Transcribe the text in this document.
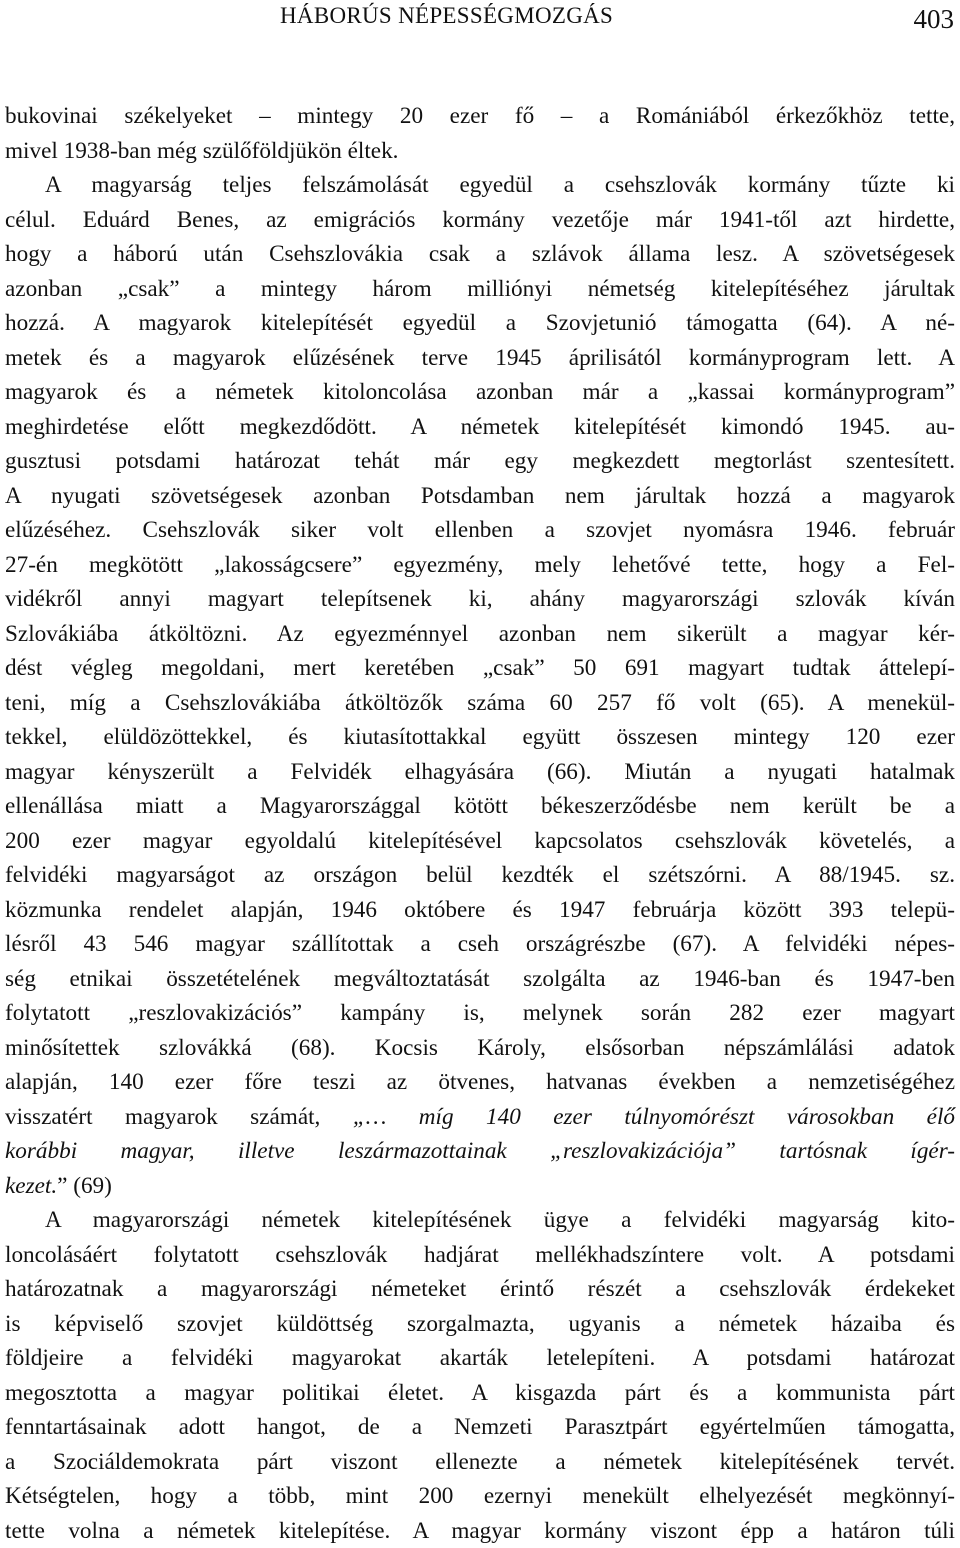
HÁBORÚS NÉPESSÉGMOZGÁS	403
bukovinai székelyeket – mintegy 20 ezer fő – a Romániából érkezőkhöz tette,
mivel 1938-ban még szülőföldjükön éltek.
A magyarság teljes felszámolását egyedül a csehszlovák kormány tűzte ki
célul. Eduárd Benes, az emigrációs kormány vezetője már 1941-től azt hirdette,
hogy a háború után Csehszlovákia csak a szlávok állama lesz. A szövetségesek
azonban „csak” a mintegy három milliónyi németség kitelepítéséhez járultak
hozzá. A magyarok kitelepítését egyedül a Szovjetunió támogatta (64). A né-
metek és a magyarok elűzésének terve 1945 áprilisától kormányprogram lett. A
magyarok és a németek kitoloncolása azonban már a „kassai kormányprogram”
meghirdetése előtt megkezdődött. A németek kitelepítését kimondó 1945. au-
gusztusi potsdami határozat tehát már egy megkezdett megtorlást szentesített.
A nyugati szövetségesek azonban Potsdamban nem járultak hozzá a magyarok
elűzéséhez. Csehszlovák siker volt ellenben a szovjet nyomásra 1946. február
27-én megkötött „lakosságcsere” egyezmény, mely lehetővé tette, hogy a Fel-
vidékről annyi magyart telepítsenek ki, ahány magyarországi szlovák kíván
Szlovákiába átköltözni. Az egyezménnyel azonban nem sikerült a magyar kér-
dést végleg megoldani, mert keretében „csak” 50 691 magyart tudtak áttelepí-
teni, míg a Csehszlovákiába átköltözők száma 60 257 fő volt (65). A menekül-
tekkel, elüldözöttekkel, és kiutasítottakkal együtt összesen mintegy 120 ezer
magyar kényszerült a Felvidék elhagyására (66). Miután a nyugati hatalmak
ellenállása miatt a Magyarországgal kötött békeszerződésbe nem került be a
200 ezer magyar egyoldalú kitelepítésével kapcsolatos csehszlovák követelés, a
felvidéki magyarságot az országon belül kezdték el szétszórni. A 88/1945. sz.
közmunka rendelet alapján, 1946 októbere és 1947 februárja között 393 telepü-
lésről 43 546 magyar szállítottak a cseh országrészbe (67). A felvidéki népes-
ség etnikai összetételének megváltoztatását szolgálta az 1946-ban és 1947-ben
folytatott „reszlovakizációs” kampány is, melynek során 282 ezer magyart
minősítettek szlovákká (68). Kocsis Károly, elsősorban népszámlálási adatok
alapján, 140 ezer főre teszi az ötvenes, hatvanas években a nemzetiségéhez
visszatért magyarok számát, „… míg 140 ezer túlnyomórészt városokban élő
korábbi magyar, illetve leszármazottainak „reszlovakizációja” tartósnak ígér-
kezet.” (69)
A magyarországi németek kitelepítésének ügye a felvidéki magyarság kito-
loncolásáért folytatott csehszlovák hadjárat mellékhadszíntere volt. A potsdami
határozatnak a magyarországi németeket érintő részét a csehszlovák érdekeket
is képviselő szovjet küldöttség szorgalmazta, ugyanis a németek házaiba és
földjeire a felvidéki magyarokat akarták letelepíteni. A potsdami határozat
megosztotta a magyar politikai életet. A kisgazda párt és a kommunista párt
fenntartásainak adott hangot, de a Nemzeti Parasztpárt egyértelműen támogatta,
a Szociáldemokrata párt viszont ellenezte a németek kitelepítésének tervét.
Kétségtelen, hogy a több, mint 200 ezernyi menekült elhelyezését megkönnyí-
tette volna a németek kitelepítése. A magyar kormány viszont épp a határon túli
